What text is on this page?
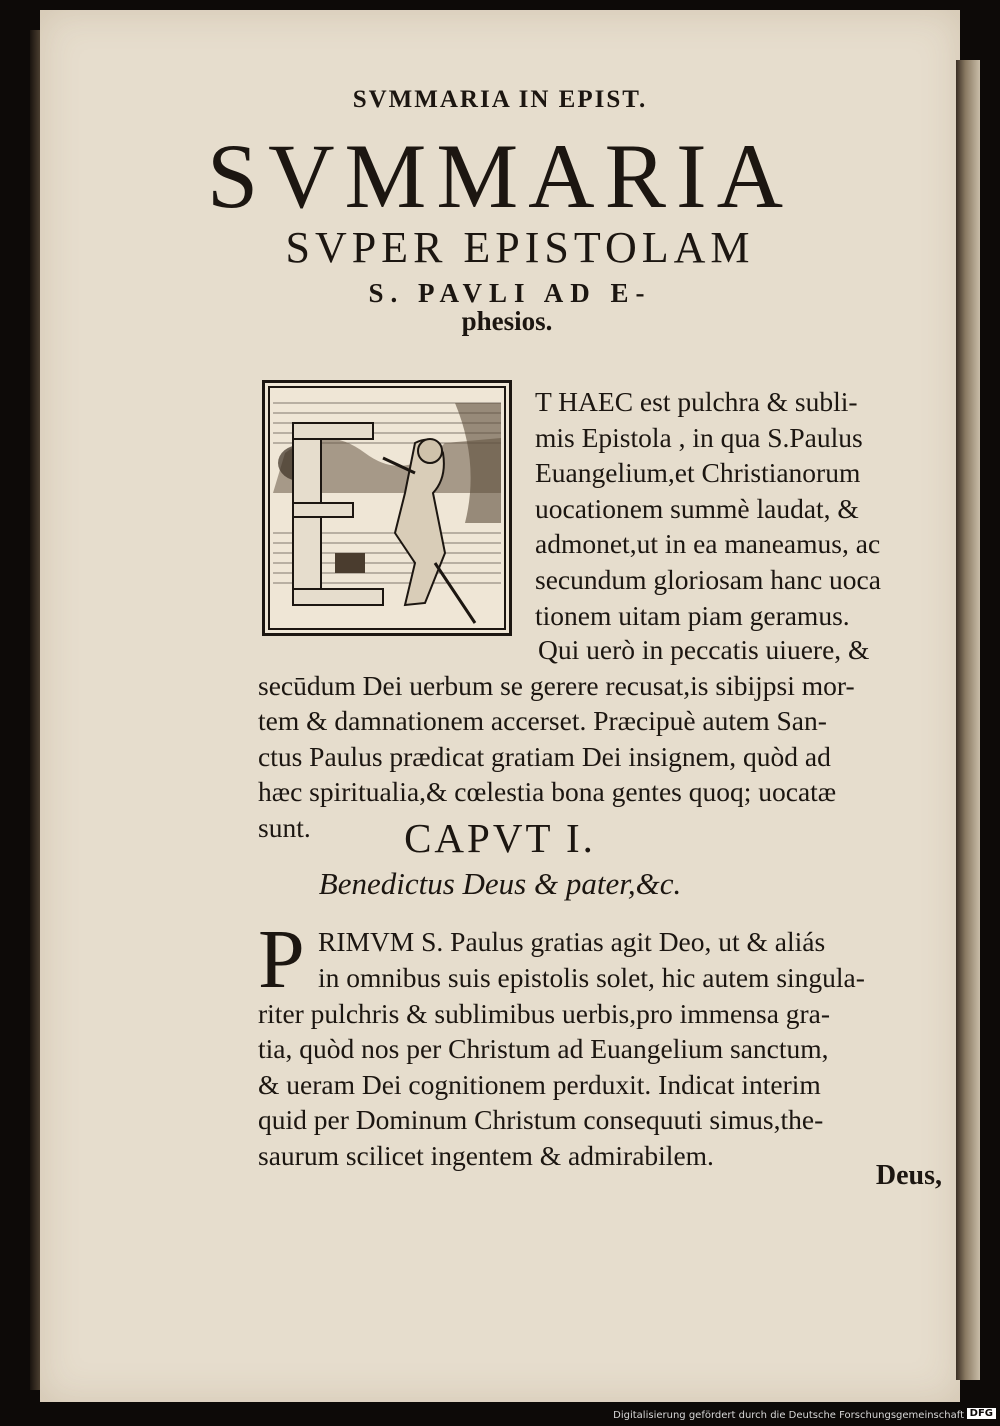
SVMMARIA IN EPIST.
SVMMARIA
SVPER EPISTOLAM
S. PAVLI AD E-
phesios.
T HAEC est pulchra & subli-
mis Epistola , in qua S.Paulus
Euangelium,et Christianorum
uocationem summè laudat, &
admonet,ut in ea maneamus, ac
secundum gloriosam hanc uoca
tionem uitam piam geramus.
Qui uerò in peccatis uiuere, &
secūdum Dei uerbum se gerere recusat,is sibijpsi mor-
tem & damnationem accerset. Præcipuè autem San-
ctus Paulus prædicat gratiam Dei insignem, quòd ad
hæc spiritualia,& cœlestia bona gentes quoq; uocatæ
sunt.	CAPVT I.
Benedictus Deus & pater,&c.
P RIMVM S. Paulus gratias agit Deo, ut & aliás
in omnibus suis epistolis solet, hic autem singula-
riter pulchris & sublimibus uerbis,pro immensa gra-
tia, quòd nos per Christum ad Euangelium sanctum,
& ueram Dei cognitionem perduxit. Indicat interim
quid per Dominum Christum consequuti simus,the-
saurum scilicet ingentem & admirabilem.
Deus,
Digitalisierung gefördert durch die Deutsche Forschungsgemeinschaft DFG
